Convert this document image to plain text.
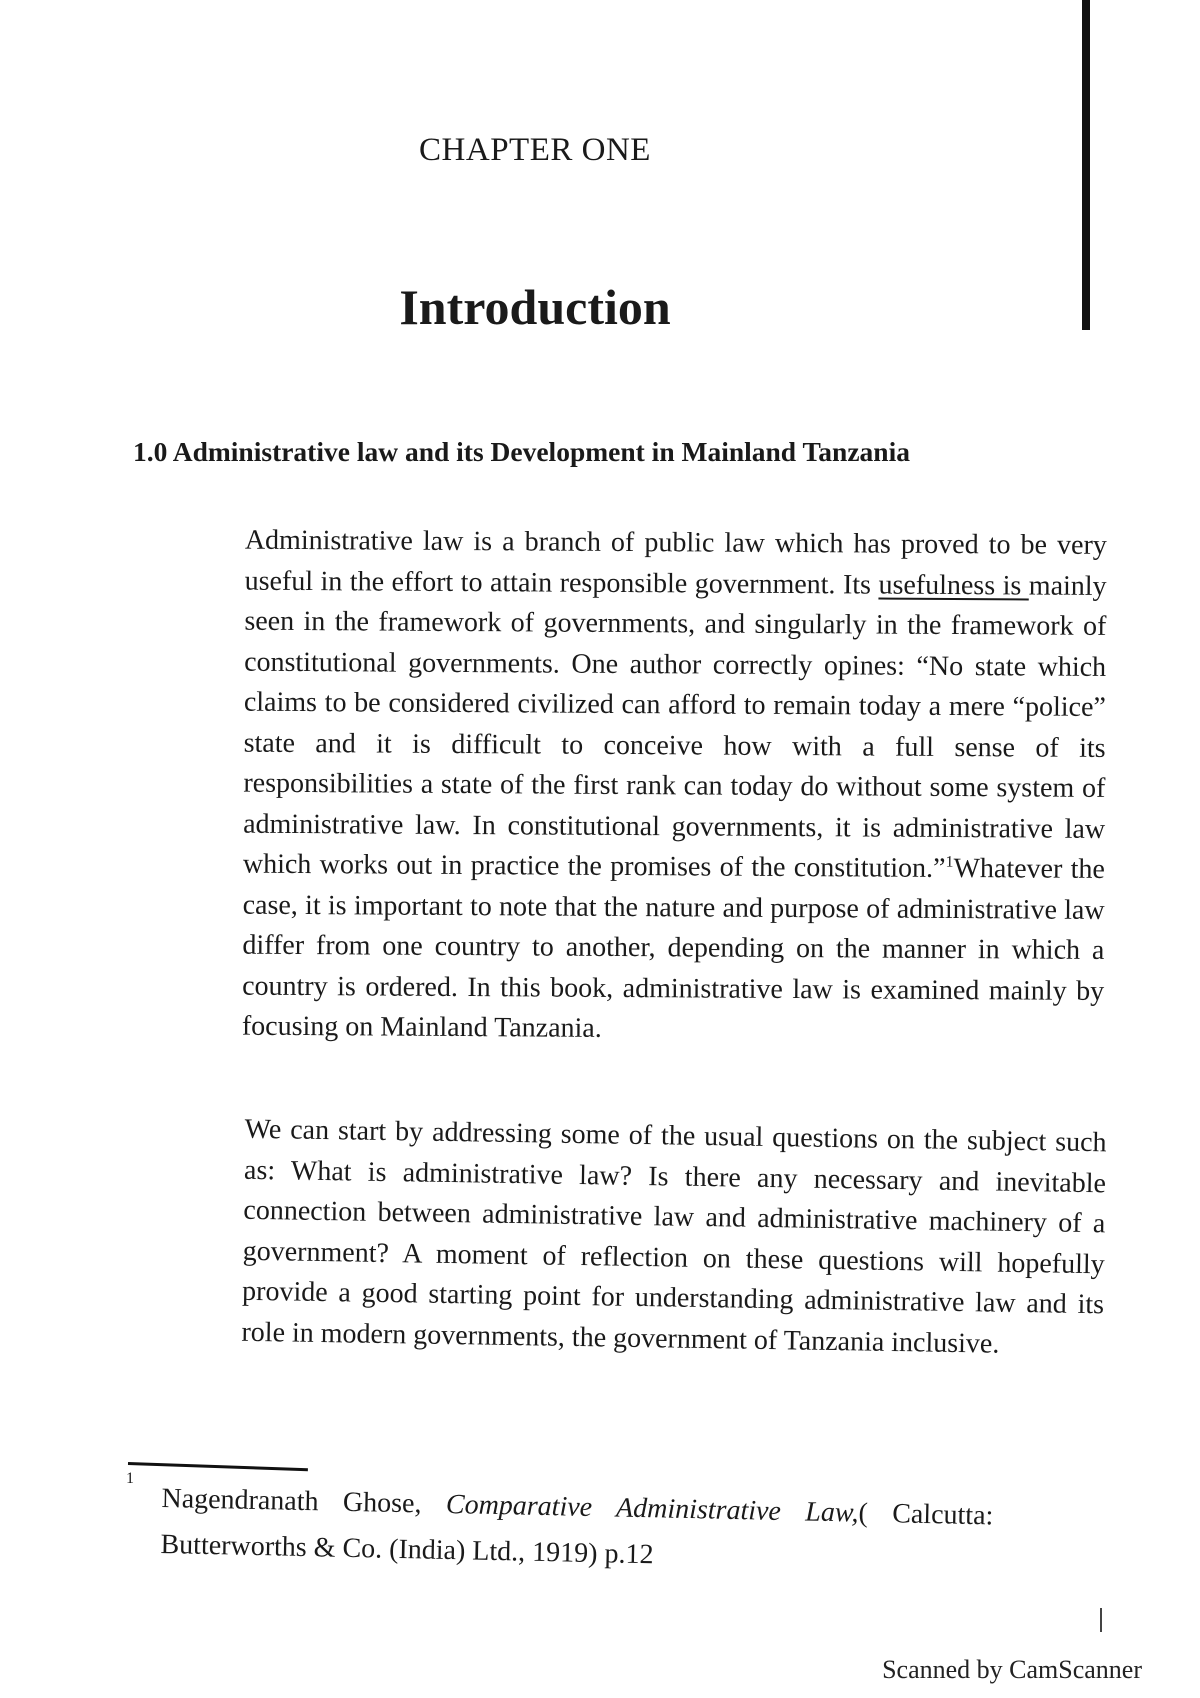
CHAPTER ONE
Introduction
1.0 Administrative law and its Development in Mainland Tanzania

Administrative law is a branch of public law which has proved to be very useful in the effort to attain responsible government. Its usefulness is mainly seen in the framework of governments, and singularly in the framework of constitutional governments. One author correctly opines: “No state which claims to be considered civilized can afford to remain today a mere “police” state and it is difficult to conceive how with a full sense of its responsibilities a state of the first rank can today do without some system of administrative law. In constitutional governments, it is administrative law which works out in practice the promises of the constitution.”$^1$Whatever the case, it is important to note that the nature and purpose of administrative law differ from one country to another, depending on the manner in which a country is ordered. In this book, administrative law is examined mainly by focusing on Mainland Tanzania.

We can start by addressing some of the usual questions on the subject such as: What is administrative law? Is there any necessary and inevitable connection between administrative law and administrative machinery of a government? A moment of reflection on these questions will hopefully provide a good starting point for understanding administrative law and its role in modern governments, the government of Tanzania inclusive.

1

Nagendranath Ghose, Comparative Administrative Law,( Calcutta: Butterworths & Co. (India) Ltd., 1919) p.12

Scanned by CamScanner
